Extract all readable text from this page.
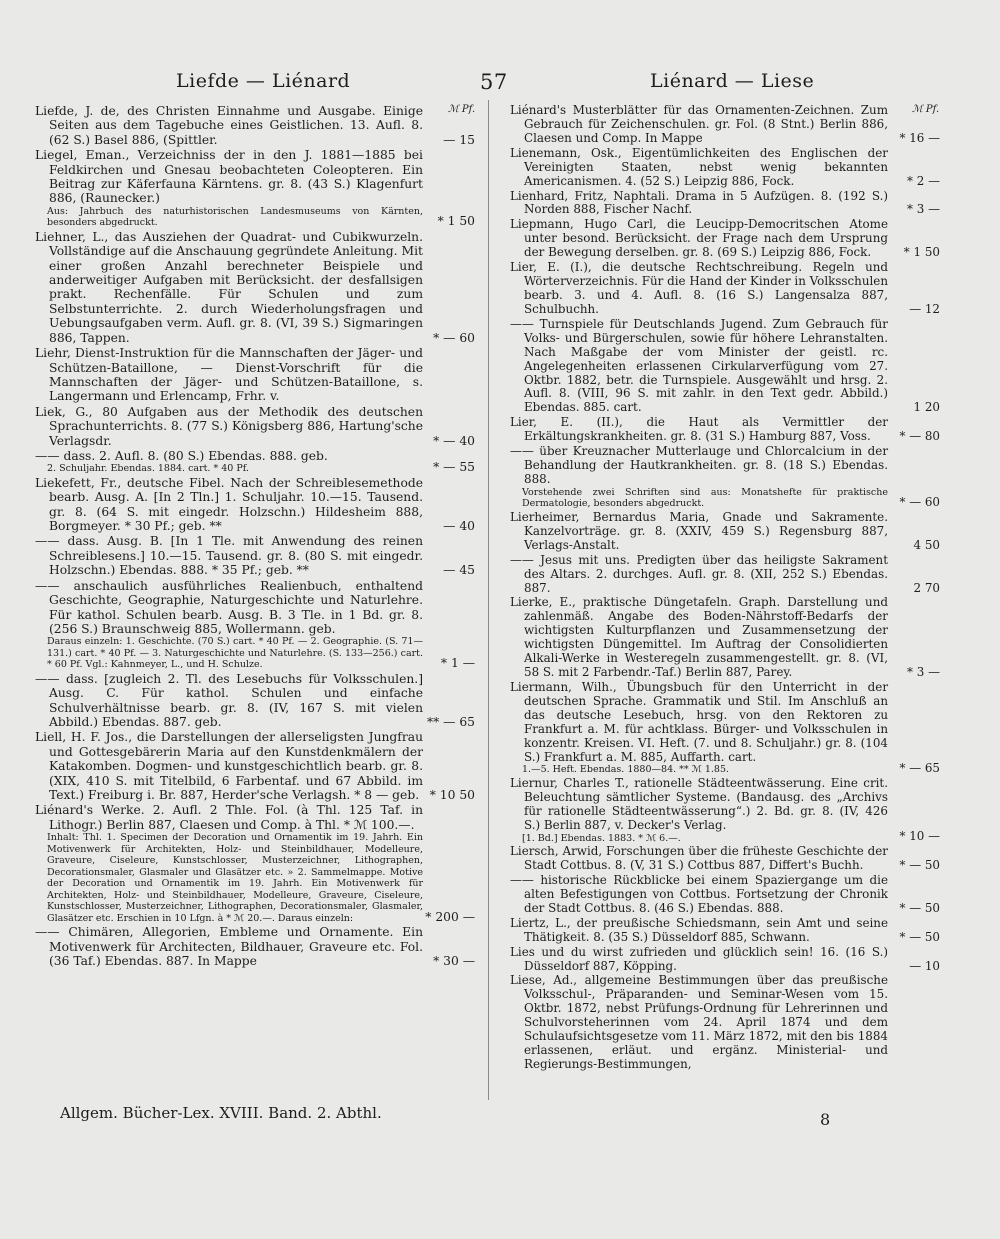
Liefde — Liénard	57	Liénard — Liese
ℳ Pf.	ℳ Pf.
Liefde, J. de, des Christen Einnahme und Ausgabe. Einige Seiten aus dem Tagebuche eines Geistlichen. 13. Aufl. 8. (62 S.) Basel 886, (Spittler.	— 15
Liegel, Eman., Verzeichniss der in den J. 1881—1885 bei Feldkirchen und Gnesau beobachteten Coleopteren. Ein Beitrag zur Käferfauna Kärntens. gr. 8. (43 S.) Klagenfurt 886, (Raunecker.)
Aus: Jahrbuch des naturhistorischen Landesmuseums von Kärnten, besonders abgedruckt.	* 1 50
Liehner, L., das Ausziehen der Quadrat- und Cubikwurzeln. Vollständige auf die Anschauung gegründete Anleitung. Mit einer großen Anzahl berechneter Beispiele und anderweitiger Aufgaben mit Berücksicht. der desfallsigen prakt. Rechenfälle. Für Schulen und zum Selbstunterrichte. 2. durch Wiederholungsfragen und Uebungsaufgaben verm. Aufl. gr. 8. (VI, 39 S.) Sigmaringen 886, Tappen.	* — 60
Liehr, Dienst-Instruktion für die Mannschaften der Jäger- und Schützen-Bataillone, — Dienst-Vorschrift für die Mannschaften der Jäger- und Schützen-Bataillone, s. Langermann und Erlencamp, Frhr. v.
Liek, G., 80 Aufgaben aus der Methodik des deutschen Sprachunterrichts. 8. (77 S.) Königsberg 886, Hartung'sche Verlagsdr.	* — 40
—— dass. 2. Aufl. 8. (80 S.) Ebendas. 888. geb.
2. Schuljahr. Ebendas. 1884. cart. * 40 Pf.	* — 55
Liekefett, Fr., deutsche Fibel. Nach der Schreiblesemethode bearb. Ausg. A. [In 2 Tln.] 1. Schuljahr. 10.—15. Tausend. gr. 8. (64 S. mit eingedr. Holzschn.) Hildesheim 888, Borgmeyer. * 30 Pf.; geb. **	— 40
—— dass. Ausg. B. [In 1 Tle. mit Anwendung des reinen Schreiblesens.] 10.—15. Tausend. gr. 8. (80 S. mit eingedr. Holzschn.) Ebendas. 888. * 35 Pf.; geb. **	— 45
—— anschaulich ausführliches Realienbuch, enthaltend Geschichte, Geographie, Naturgeschichte und Naturlehre. Für kathol. Schulen bearb. Ausg. B. 3 Tle. in 1 Bd. gr. 8. (256 S.) Braunschweig 885, Wollermann. geb.
Daraus einzeln: 1. Geschichte. (70 S.) cart. * 40 Pf. — 2. Geographie. (S. 71—131.) cart. * 40 Pf. — 3. Naturgeschichte und Naturlehre. (S. 133—256.) cart. * 60 Pf. Vgl.: Kahnmeyer, L., und H. Schulze.	* 1 —
—— dass. [zugleich 2. Tl. des Lesebuchs für Volksschulen.] Ausg. C. Für kathol. Schulen und einfache Schulverhältnisse bearb. gr. 8. (IV, 167 S. mit vielen Abbild.) Ebendas. 887. geb.	** — 65
Liell, H. F. Jos., die Darstellungen der allerseligsten Jungfrau und Gottesgebärerin Maria auf den Kunstdenkmälern der Katakomben. Dogmen- und kunstgeschichtlich bearb. gr. 8. (XIX, 410 S. mit Titelbild, 6 Farbentaf. und 67 Abbild. im Text.) Freiburg i. Br. 887, Herder'sche Verlagsh. * 8 — geb. * 10 50
Liénard's Werke. 2. Aufl. 2 Thle. Fol. (à Thl. 125 Taf. in Lithogr.) Berlin 887, Claesen und Comp. à Thl. * ℳ 100.—.
Inhalt: Thl. 1. Specimen der Decoration und Ornamentik im 19. Jahrh. Ein Motivenwerk für Architekten, Holz- und Steinbildhauer, Modelleure, Graveure, Ciseleure, Kunstschlosser, Musterzeichner, Lithographen, Decorationsmaler, Glasmaler und Glasätzer etc. » 2. Sammelmappe. Motive der Decoration und Ornamentik im 19. Jahrh. Ein Motivenwerk für Architekten, Holz- und Steinbildhauer, Modelleure, Graveure, Ciseleure, Kunstschlosser, Musterzeichner, Lithographen, Decorationsmaler, Glasmaler, Glasätzer etc. Erschien in 10 Lfgn. à * ℳ 20.—. Daraus einzeln:	* 200 —
—— Chimären, Allegorien, Embleme und Ornamente. Ein Motivenwerk für Architecten, Bildhauer, Graveure etc. Fol. (36 Taf.) Ebendas. 887. In Mappe	* 30 —
Liénard's Musterblätter für das Ornamenten-Zeichnen. Zum Gebrauch für Zeichenschulen. gr. Fol. (8 Stnt.) Berlin 886, Claesen und Comp. In Mappe	* 16 —
Lienemann, Osk., Eigentümlichkeiten des Englischen der Vereinigten Staaten, nebst wenig bekannten Americanismen. 4. (52 S.) Leipzig 886, Fock.	* 2 —
Lienhard, Fritz, Naphtali. Drama in 5 Aufzügen. 8. (192 S.) Norden 888, Fischer Nachf.	* 3 —
Liepmann, Hugo Carl, die Leucipp-Democritschen Atome unter besond. Berücksicht. der Frage nach dem Ursprung der Bewegung derselben. gr. 8. (69 S.) Leipzig 886, Fock.	* 1 50
Lier, E. (I.), die deutsche Rechtschreibung. Regeln und Wörterverzeichnis. Für die Hand der Kinder in Volksschulen bearb. 3. und 4. Aufl. 8. (16 S.) Langensalza 887, Schulbuchh.	— 12
—— Turnspiele für Deutschlands Jugend. Zum Gebrauch für Volks- und Bürgerschulen, sowie für höhere Lehranstalten. Nach Maßgabe der vom Minister der geistl. rc. Angelegenheiten erlassenen Cirkularverfügung vom 27. Oktbr. 1882, betr. die Turnspiele. Ausgewählt und hrsg. 2. Aufl. 8. (VIII, 96 S. mit zahlr. in den Text gedr. Abbild.) Ebendas. 885. cart.	1 20
Lier, E. (II.), die Haut als Vermittler der Erkältungskrankheiten. gr. 8. (31 S.) Hamburg 887, Voss.	* — 80
—— über Kreuznacher Mutterlauge und Chlorcalcium in der Behandlung der Hautkrankheiten. gr. 8. (18 S.) Ebendas. 888.
Vorstehende zwei Schriften sind aus: Monatshefte für praktische Dermatologie, besonders abgedruckt.	* — 60
Lierheimer, Bernardus Maria, Gnade und Sakramente. Kanzelvorträge. gr. 8. (XXIV, 459 S.) Regensburg 887, Verlags-Anstalt.	4 50
—— Jesus mit uns. Predigten über das heiligste Sakrament des Altars. 2. durchges. Aufl. gr. 8. (XII, 252 S.) Ebendas. 887.	2 70
Lierke, E., praktische Düngetafeln. Graph. Darstellung und zahlenmäß. Angabe des Boden-Nährstoff-Bedarfs der wichtigsten Kulturpflanzen und Zusammensetzung der wichtigsten Düngemittel. Im Auftrag der Consolidierten Alkali-Werke in Westeregeln zusammengestellt. gr. 8. (VI, 58 S. mit 2 Farbendr.-Taf.) Berlin 887, Parey.	* 3 —
Liermann, Wilh., Übungsbuch für den Unterricht in der deutschen Sprache. Grammatik und Stil. Im Anschluß an das deutsche Lesebuch, hrsg. von den Rektoren zu Frankfurt a. M. für achtklass. Bürger- und Volksschulen in konzentr. Kreisen. VI. Heft. (7. und 8. Schuljahr.) gr. 8. (104 S.) Frankfurt a. M. 885, Auffarth. cart.
1.—5. Heft. Ebendas. 1880—84. ** ℳ 1.85.	* — 65
Liernur, Charles T., rationelle Städteentwässerung. Eine crit. Beleuchtung sämtlicher Systeme. (Bandausg. des „Archivs für rationelle Städteentwässerung“.) 2. Bd. gr. 8. (IV, 426 S.) Berlin 887, v. Decker's Verlag.
[1. Bd.] Ebendas. 1883. * ℳ 6.—.	* 10 —
Liersch, Arwid, Forschungen über die früheste Geschichte der Stadt Cottbus. 8. (V, 31 S.) Cottbus 887, Differt's Buchh.	* — 50
—— historische Rückblicke bei einem Spaziergange um die alten Befestigungen von Cottbus. Fortsetzung der Chronik der Stadt Cottbus. 8. (46 S.) Ebendas. 888.	* — 50
Liertz, L., der preußische Schiedsmann, sein Amt und seine Thätigkeit. 8. (35 S.) Düsseldorf 885, Schwann.	* — 50
Lies und du wirst zufrieden und glücklich sein! 16. (16 S.) Düsseldorf 887, Köpping.	— 10
Liese, Ad., allgemeine Bestimmungen über das preußische Volksschul-, Präparanden- und Seminar-Wesen vom 15. Oktbr. 1872, nebst Prüfungs-Ordnung für Lehrerinnen und Schulvorsteherinnen vom 24. April 1874 und dem Schulaufsichtsgesetze vom 11. März 1872, mit den bis 1884 erlassenen, erläut. und ergänz. Ministerial- und Regierungs-Bestimmungen,
Allgem. Bücher-Lex. XVIII. Band. 2. Abthl.	8
